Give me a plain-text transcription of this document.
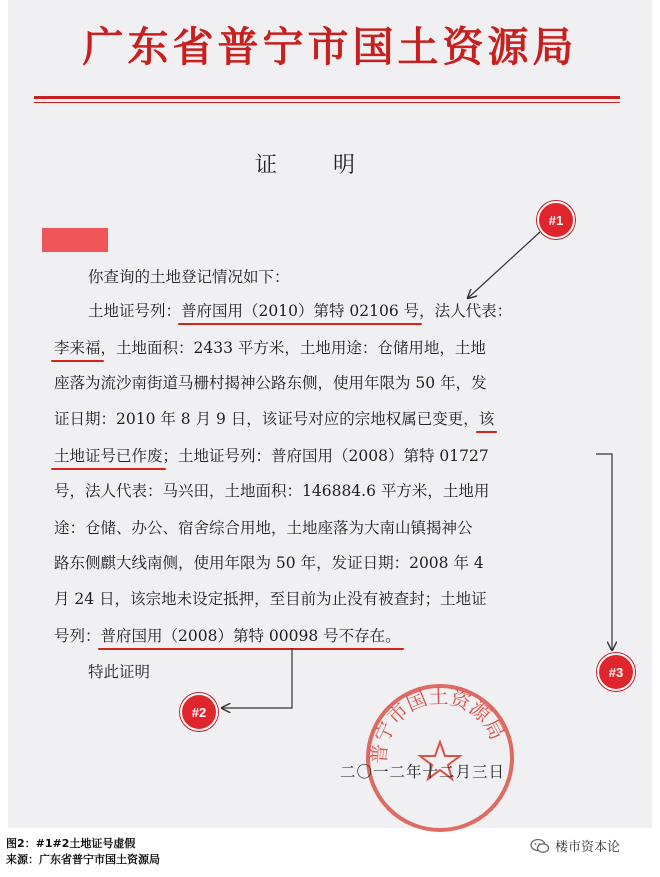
广东省普宁市国土资源局
证明
你查询的土地登记情况如下：
土地证号列：普府国用（2010）第特 02106 号，法人代表：
李来福，土地面积：2433 平方米，土地用途：仓储用地，土地
座落为流沙南街道马栅村揭神公路东侧，使用年限为 50 年，发
证日期：2010 年 8 月 9 日，该证号对应的宗地权属已变更，该
土地证号已作废；土地证号列：普府国用（2008）第特 01727
号，法人代表：马兴田，土地面积：146884.6 平方米，土地用
途：仓储、办公、宿舍综合用地，土地座落为大南山镇揭神公
路东侧麒大线南侧，使用年限为 50 年，发证日期：2008 年 4
月 24 日，该宗地未设定抵押，至目前为止没有被查封；土地证
号列：普府国用（2008）第特 00098 号不存在。
特此证明
普宁市国土资源局
二〇一二年十二月三日
#1
#2
#3
图2：#1#2土地证号虚假
来源：广东省普宁市国土资源局
楼市资本论
